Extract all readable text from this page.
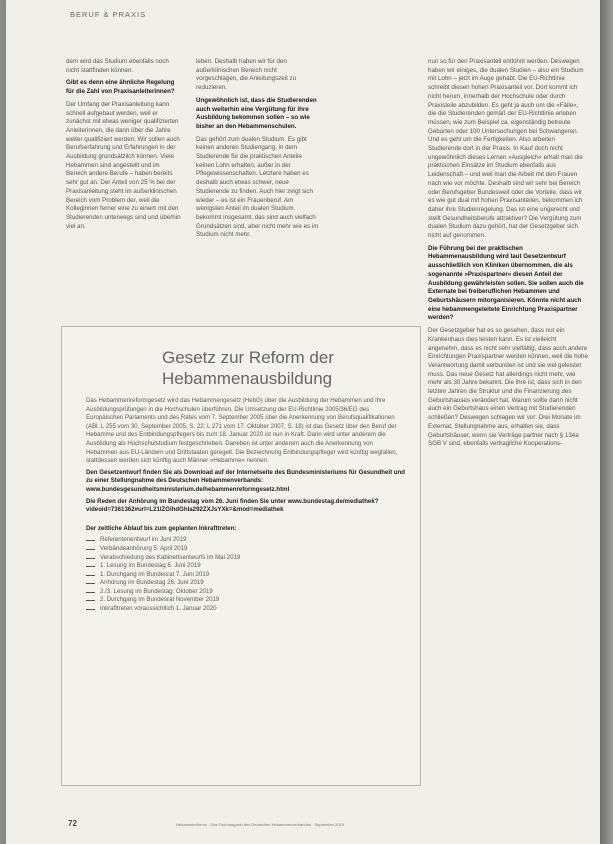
BERUF & PRAXIS

dem wird das Studium ebenfalls noch nicht stattfinden können.

Gibt es denn eine ähnliche Regelung für die Zahl von Praxisanleiterinnen?

Der Umfang der Praxisanleitung kann schnell aufgebaut werden, weil er zunächst mit etwas weniger qualifizierten Anleiterinnen, die dann über die Jahre weiter qualifiziert werden. Wir sollen auch Berufserfahrung und Erfahrungen in der Ausbildung grundsätzlich können. Viele Hebammen sind angestellt und im Bereich andere Berufe – haben bereits sehr gut an. Der Anteil von 25 % bei der Praxisanleitung steht im außerklinischen Bereich vom Problem der, weil die Kolleginnen ferner eine zu einem mit den Studierenden unterwegs sind und überhin viel an.

leben. Deshalb haben wir für den außerklinischen Bereich nicht vorgeschlagen, die Anleitungszeit zu reduzieren.

Ungewöhnlich ist, dass die Studierenden auch weiterhin eine Vergütung für ihre Ausbildung bekommen sollen – so wie bisher an den Hebammenschulen.

Das gehört zum dualen Studium. Es gibt keinen anderen Studiengang, in dem Studierende für die praktischen Anteile keinen Lohn erhalten, außer in der Pflegewissenschaften. Letztere haben es deshalb auch etwas schwer, neue Studierende zu finden. Auch hier zeigt sich wieder – es ist ein Frauenberuf. Am wenigsten Anteil im dualen Studium bekommt insgesamt, das sind auch vielfach Grundsätzen sind, aber nicht mehr wie es im Studium nicht mehr.

nun so für den Praxisanteil entlohnt werden. Deswegen haben wir einiges, die dualen Studien – also ein Studium mit Lohn – jetzt im Auge gehabt. Die EU-Richtlinie schreibt diesen hohen Praxisanteil vor. Dort kommt ich nicht herum, innerhalb der Hochschule oder durch Praxisteile abzubilden. Es geht ja auch um die »Fälle«, die die Studierenden gemäß der EU-Richtlinie erleben müssen, wie zum Beispiel ca. eigenständig betreute Geburten oder 100 Untersuchungen bei Schwangeren. Und es geht um die Fertigkeiten. Also arbeiten Studierende dort in der Praxis. In Kauf doch nicht ungewöhnlich dieses Lernen »Ausgleich« erhalt man die praktischen Einsätze im Studium ebenfalls aus Leidenschaft – und weil man die Arbeit mit den Frauen nach wie vor möchte. Deshalb sind wir sehr bei Bereich oder Berufsgeber Bundesweit oder die Vorteile, dass wir es wie gut dual mit hohen Praxisanteilen, bekommen ich daher ihre Studienregelung. Das ist eine ungerecht und stellt Gesundheitsberufe attraktiver? Die Vergütung zum dualen Studium dazu gehört, hat der Gesetzgeber sich nicht auf genommen.

Die Führung bei der praktischen Hebammenausbildung wird laut Gesetzentwurf ausschließlich von Kliniken übernommen, die als sogenannte »Praxispartner« diesen Anteil der Ausbildung gewährleisten sollen. Sie sollen auch die Externate bei freiberuflichen Hebammen und Geburtshäusern mitorganisieren. Könnte nicht auch eine hebammengeleitete Einrichtung Praxispartner werden?

Der Gesetzgeber hat es so gesehen, dass nur ein Krankenhaus dies leisten kann. Es ist vielleicht angenehm, dass es nicht sehr vielfältig, dass auch andere Einrichtungen Praxispartner werden können, weil die hohe Verantwortung damit verbunden ist und sie viel geleistet muss. Das neue Gesetz hat allerdings nicht mehr, wie mehr als 30 Jahre bekannt. Die ihre ist, dass sich in den letzten Jahren die Struktur und die Finanzierung des Geburtshauses verändert hat. Warum sollte dann nicht auch ein Geburtshaus einen Vertrag mit Studierenden schließen? Deswegen schlagen wir vor: Drei Monate im Externat, Stellungnahme aus, erhalten sie, dass Geburtshäuser, wenn sie Verträge partner nach § 134a SGB V sind, ebenfalls vertragliche Kooperations-

Gesetz zur Reform der Hebammenausbildung

Das Hebammenreformgesetz wird das Hebammengesetz (HebG) über die Ausbildung der Hebammen und ihre Ausbildungsprüfungen in die Hochschulen überführen. Die Umsetzung der EU-Richtlinie 2005/36/EG des Europäischen Parlaments und des Rates vom 7. September 2005 über die Anerkennung von Berufsqualifikationen (ABl. L 255 vom 30. September 2005, S. 22; L 271 vom 17. Oktober 2007, S. 18) ist das Gesetz über den Beruf der Hebamme und des Entbindungspflegers bis zum 18. Januar 2020 ist nun in Kraft. Darin wird unter anderem die Ausbildung als Hochschulstudium festgeschrieben. Daneben ist unter anderem auch die Anerkennung von Hebammen aus EU-Ländern und Drittstaaten geregelt. Die Bezeichnung Entbindungspfleger wird künftig wegfallen, stattdessen werden sich künftig auch Männer »Hebamme« nennen.

Den Gesetzentwurf finden Sie als Download auf der Internetseite des Bundesministeriums für Gesundheit und zu einer Stellungnahme des Deutschen Hebammenverbands: www.bundesgesundheitsministerium.de/hebammenreformgesetz.html

Die Reden der Anhörung im Bundestag vom 26. Juni finden Sie unter www.bundestag.de/mediathek?videoid=7361362#url=L21lZGlhdGhla292ZXJsYXk=&mod=mediathek

Der zeitliche Ablauf bis zum geplanten Inkrafttreten:

Referentenentwurf im Juni 2019
Verbändeanhörung 5. April 2019
Verabschiedung des Kabinettsentwurfs im Mai 2019
1. Lesung im Bundestag 6. Juni 2019
1. Durchgang im Bundesrat 7. Juni 2019
Anhörung im Bundestag 26. Juni 2019
2./3. Lesung im Bundestag: Oktober 2019
2. Durchgang im Bundesrat November 2019
Inkrafttreten voraussichtlich 1. Januar 2020
72	Hebammenforum · Das Fachmagazin des Deutschen Hebammenverbandes · September 2019
